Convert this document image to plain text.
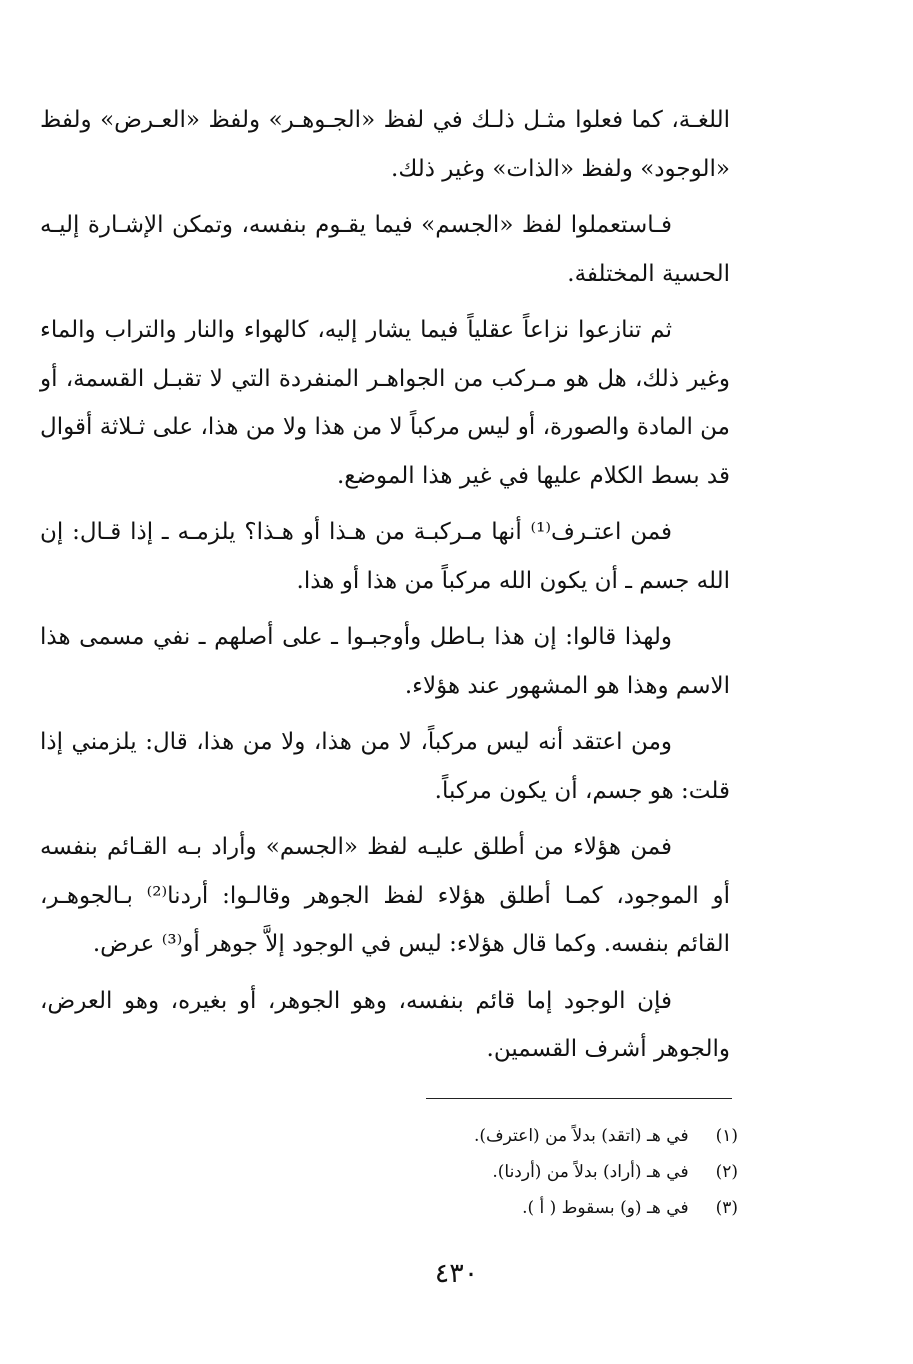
اللغـة، كما فعلوا مثـل ذلـك في لفظ «الجـوهـر» ولفظ «العـرض» ولفظ «الوجود» ولفظ «الذات» وغير ذلك.

فـاستعملوا لفظ «الجسم» فيما يقـوم بنفسه، وتمكن الإشـارة إليـه الحسية المختلفة.

ثم تنازعوا نزاعاً عقلياً فيما يشار إليه، كالهواء والنار والتراب والماء وغير ذلك، هل هو مـركب من الجواهـر المنفردة التي لا تقبـل القسمة، أو من المادة والصورة، أو ليس مركباً لا من هذا ولا من هذا، على ثـلاثة أقوال قد بسط الكلام عليها في غير هذا الموضع.

فمن اعتـرف⁽¹⁾ أنها مـركبـة من هـذا أو هـذا؟ يلزمـه ـ إذا قـال: إن الله جسم ـ أن يكون الله مركباً من هذا أو هذا.

ولهذا قالوا: إن هذا بـاطل وأوجبـوا ـ على أصلهم ـ نفي مسمى هذا الاسم وهذا هو المشهور عند هؤلاء.

ومن اعتقد أنه ليس مركباً، لا من هذا، ولا من هذا، قال: يلزمني إذا قلت: هو جسم، أن يكون مركباً.

فمن هؤلاء من أطلق عليـه لفظ «الجسم» وأراد بـه القـائم بنفسه أو الموجود، كمـا أطلق هؤلاء لفظ الجوهر وقالـوا: أردنا⁽²⁾ بـالجوهـر، القائم بنفسه. وكما قال هؤلاء: ليس في الوجود إلاَّ جوهر أو⁽³⁾ عرض.

فإن الوجود إما قائم بنفسه، وهو الجوهر، أو بغيره، وهو العرض، والجوهر أشرف القسمين.

(١) في هـ (اتقد) بدلاً من (اعترف).
(٢) في هـ (أراد) بدلاً من (أردنا).
(٣) في هـ (و) بسقوط ( أ ).
٤٣٠
